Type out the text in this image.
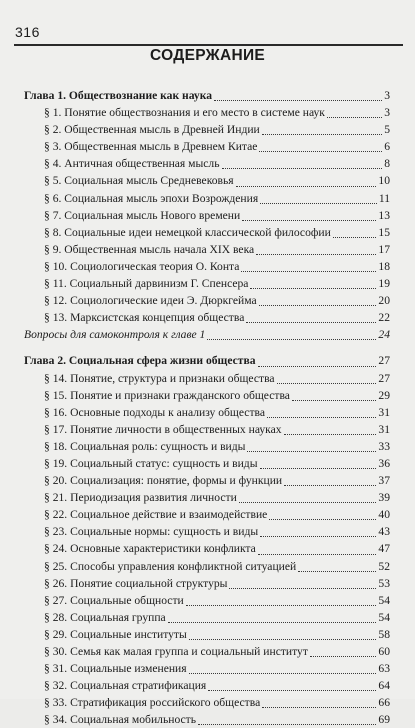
316
СОДЕРЖАНИЕ
Глава 1. Обществознание как наука	3
§ 1. Понятие обществознания и его место в системе наук	3
§ 2. Общественная мысль в Древней Индии	5
§ 3. Общественная мысль в Древнем Китае	6
§ 4. Античная общественная мысль	8
§ 5. Социальная мысль Средневековья	10
§ 6. Социальная мысль эпохи Возрождения	11
§ 7. Социальная мысль Нового времени	13
§ 8. Социальные идеи немецкой классической философии	15
§ 9. Общественная мысль начала XIX века	17
§ 10. Социологическая теория О. Конта	18
§ 11. Социальный дарвинизм Г. Спенсера	19
§ 12. Социологические идеи Э. Дюркгейма	20
§ 13. Марксистская концепция общества	22
Вопросы для самоконтроля к главе 1	24
Глава 2. Социальная сфера жизни общества	27
§ 14. Понятие, структура и признаки общества	27
§ 15. Понятие и признаки гражданского общества	29
§ 16. Основные подходы к анализу общества	31
§ 17. Понятие личности в общественных науках	31
§ 18. Социальная роль: сущность и виды	33
§ 19. Социальный статус: сущность и виды	36
§ 20. Социализация: понятие, формы и функции	37
§ 21. Периодизация развития личности	39
§ 22. Социальное действие и взаимодействие	40
§ 23. Социальные нормы: сущность и виды	43
§ 24. Основные характеристики конфликта	47
§ 25. Способы управления конфликтной ситуацией	52
§ 26. Понятие социальной структуры	53
§ 27. Социальные общности	54
§ 28. Социальная группа	54
§ 29. Социальные институты	58
§ 30. Семья как малая группа и социальный институт	60
§ 31. Социальные изменения	63
§ 32. Социальная стратификация	64
§ 33. Стратификация российского общества	66
§ 34. Социальная мобильность	69
